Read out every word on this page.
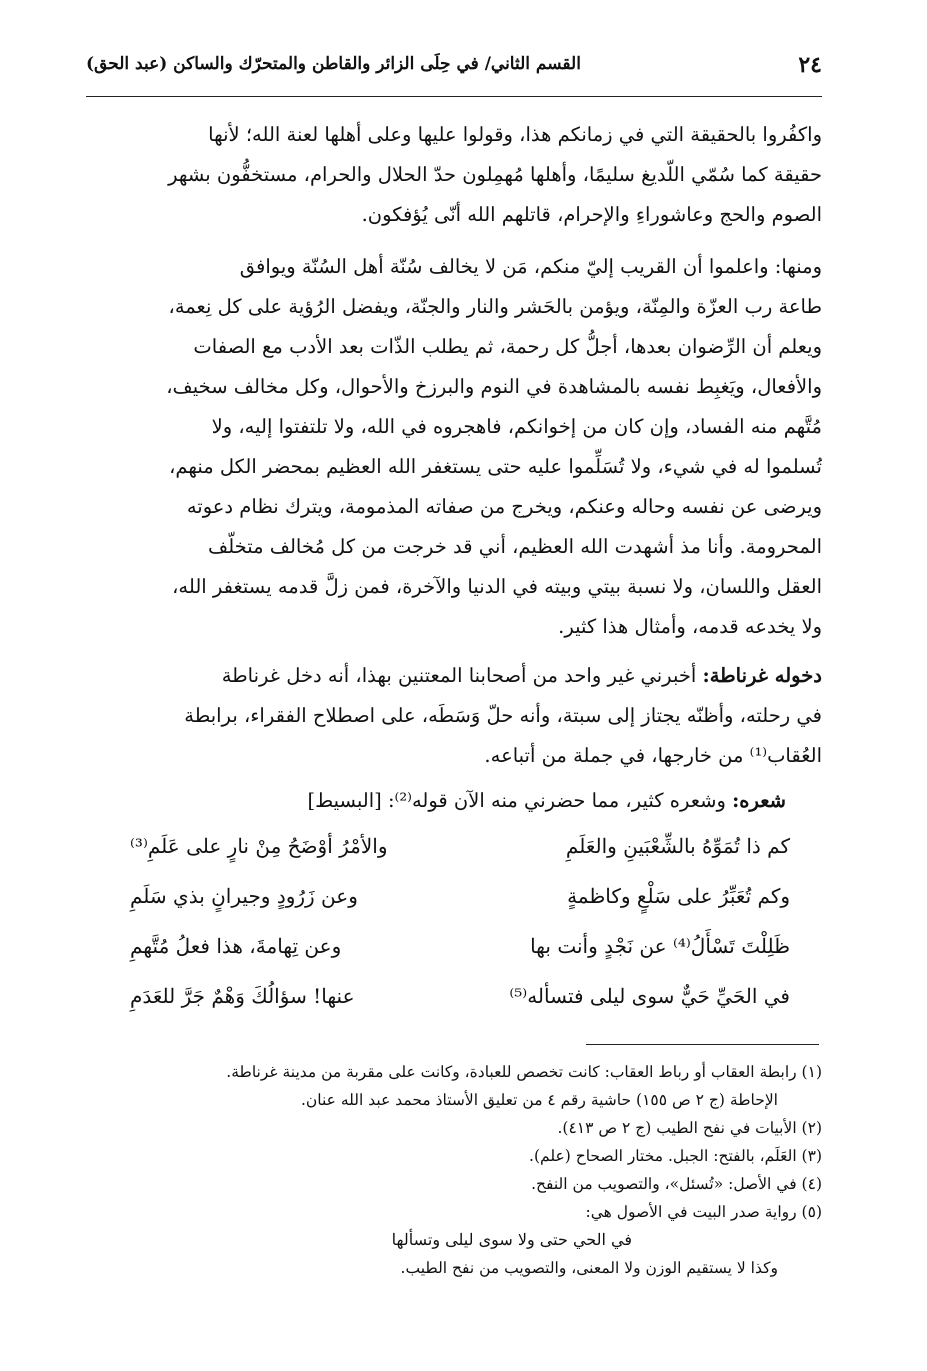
٢٤
القسم الثاني/ في حِلَى الزائر والقاطن والمتحرّك والساكن (عبد الحق)
واكفُروا بالحقيقة التي في زمانكم هذا، وقولوا عليها وعلى أهلها لعنة الله؛ لأنها
حقيقة كما سُمّي اللّديغ سليمًا، وأهلها مُهمِلون حدّ الحلال والحرام، مستخفُّون بشهر
الصوم والحج وعاشوراءِ والإحرام، قاتلهم الله أنّى يُؤفكون.
ومنها: واعلموا أن القريب إليّ منكم، مَن لا يخالف سُنّة أهل السُنّة ويوافق
طاعة رب العزّة والمِنّة، ويؤمن بالحَشر والنار والجنّة، ويفضل الرُؤية على كل نِعمة،
ويعلم أن الرِّضوان بعدها، أجلُّ كل رحمة، ثم يطلب الذّات بعد الأدب مع الصفات
والأفعال، ويَغبِط نفسه بالمشاهدة في النوم والبرزخ والأحوال، وكل مخالف سخيف،
مُتَّهم منه الفساد، وإن كان من إخوانكم، فاهجروه في الله، ولا تلتفتوا إليه، ولا
تُسلموا له في شيء، ولا تُسَلِّموا عليه حتى يستغفر الله العظيم بمحضر الكل منهم،
ويرضى عن نفسه وحاله وعنكم، ويخرج من صفاته المذمومة، ويترك نظام دعوته
المحرومة. وأنا مذ أشهدت الله العظيم، أني قد خرجت من كل مُخالف متخلّف
العقل واللسان، ولا نسبة بيتي وبيته في الدنيا والآخرة، فمن زلَّ قدمه يستغفر الله،
ولا يخدعه قدمه، وأمثال هذا كثير.
دخوله غرناطة: أخبرني غير واحد من أصحابنا المعتنين بهذا، أنه دخل غرناطة
في رحلته، وأظنّه يجتاز إلى سبتة، وأنه حلّ وَسَطَه، على اصطلاح الفقراء، برابطة
العُقاب⁽¹⁾ من خارجها، في جملة من أتباعه.
شعره: وشعره كثير، مما حضرني منه الآن قوله⁽²⁾: [البسيط]
كم ذا تُمَوِّهُ بالشِّعْبَينِ والعَلَمِ
والأمْرُ أوْضَحُ مِنْ نارٍ على عَلَمِ⁽³⁾
وكم تُعَبِّرُ على سَلْعٍ وكاظمةٍ
وعن زَرُودٍ وجيرانٍ بذي سَلَمِ
ظَلِلْتَ تَسْأَلُ⁽⁴⁾ عن نَجْدٍ وأنت بها
وعن تِهامةَ، هذا فعلُ مُتَّهمِ
في الحَيِّ حَيٌّ سوى ليلى فتسأله⁽⁵⁾
عنها! سؤالُكَ وَهْمٌ جَرَّ للعَدَمِ
(١) رابطة العقاب أو رباط العقاب: كانت تخصص للعبادة، وكانت على مقربة من مدينة غرناطة.
الإحاطة (ج ٢ ص ١٥٥) حاشية رقم ٤ من تعليق الأستاذ محمد عبد الله عنان.
(٢) الأبيات في نفح الطيب (ج ٢ ص ٤١٣).
(٣) العَلَم، بالفتح: الجبل. مختار الصحاح (علم).
(٤) في الأصل: «تُسئل»، والتصويب من النفح.
(٥) رواية صدر البيت في الأصول هي:
في الحي حتى ولا سوى ليلى وتسألها
وكذا لا يستقيم الوزن ولا المعنى، والتصويب من نفح الطيب.
